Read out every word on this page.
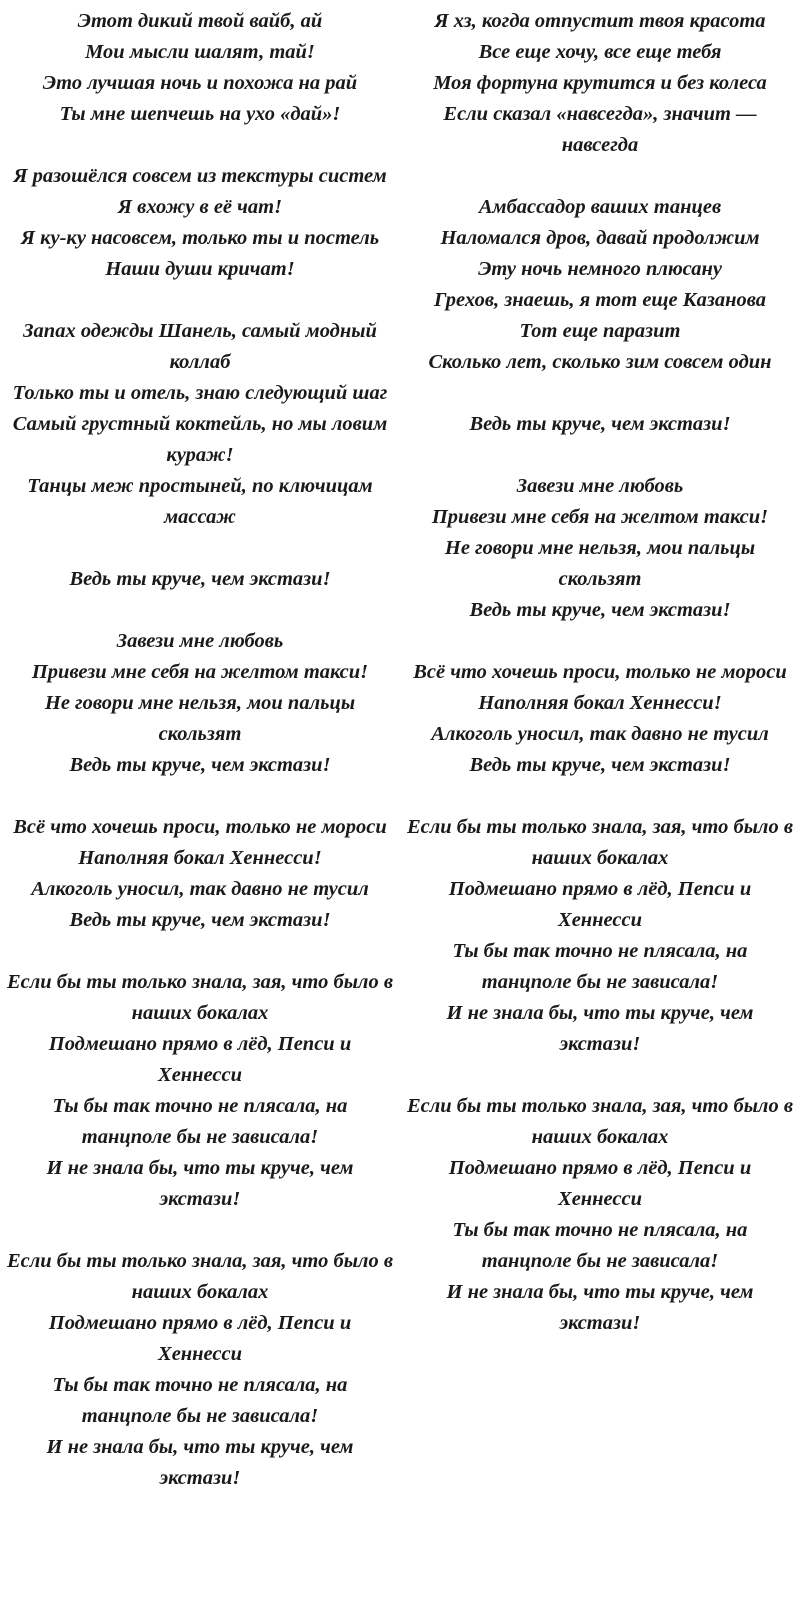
Этот дикий твой вайб, ай
Мои мысли шалят, тай!
Это лучшая ночь и похожа на рай
Ты мне шепчешь на ухо «дай»!
Я разошёлся совсем из текстуры систем
Я вхожу в её чат!
Я ку-ку насовсем, только ты и постель
Наши души кричат!
Запах одежды Шанель, самый модный коллаб
Только ты и отель, знаю следующий шаг
Самый грустный коктейль, но мы ловим кураж!
Танцы меж простыней, по ключицам массаж
Ведь ты круче, чем экстази!
Завези мне любовь
Привези мне себя на желтом такси!
Не говори мне нельзя, мои пальцы скользят
Ведь ты круче, чем экстази!
Всё что хочешь проси, только не мороси
Наполняя бокал Хеннесси!
Алкоголь уносил, так давно не тусил
Ведь ты круче, чем экстази!
Если бы ты только знала, зая, что было в наших бокалах
Подмешано прямо в лёд, Пепси и Хеннесси
Ты бы так точно не плясала, на танцполе бы не зависала!
И не знала бы, что ты круче, чем экстази!
Если бы ты только знала, зая, что было в наших бокалах
Подмешано прямо в лёд, Пепси и Хеннесси
Ты бы так точно не плясала, на танцполе бы не зависала!
И не знала бы, что ты круче, чем экстази!
Я хз, когда отпустит твоя красота
Все еще хочу, все еще тебя
Моя фортуна крутится и без колеса
Если сказал «навсегда», значит — навсегда
Амбассадор ваших танцев
Наломался дров, давай продолжим
Эту ночь немного плюсану
Грехов, знаешь, я тот еще Казанова
Тот еще паразит
Сколько лет, сколько зим совсем один
Ведь ты круче, чем экстази!
Завези мне любовь
Привези мне себя на желтом такси!
Не говори мне нельзя, мои пальцы скользят
Ведь ты круче, чем экстази!
Всё что хочешь проси, только не мороси
Наполняя бокал Хеннесси!
Алкоголь уносил, так давно не тусил
Ведь ты круче, чем экстази!
Если бы ты только знала, зая, что было в наших бокалах
Подмешано прямо в лёд, Пепси и Хеннесси
Ты бы так точно не плясала, на танцполе бы не зависала!
И не знала бы, что ты круче, чем экстази!
Если бы ты только знала, зая, что было в наших бокалах
Подмешано прямо в лёд, Пепси и Хеннесси
Ты бы так точно не плясала, на танцполе бы не зависала!
И не знала бы, что ты круче, чем экстази!
